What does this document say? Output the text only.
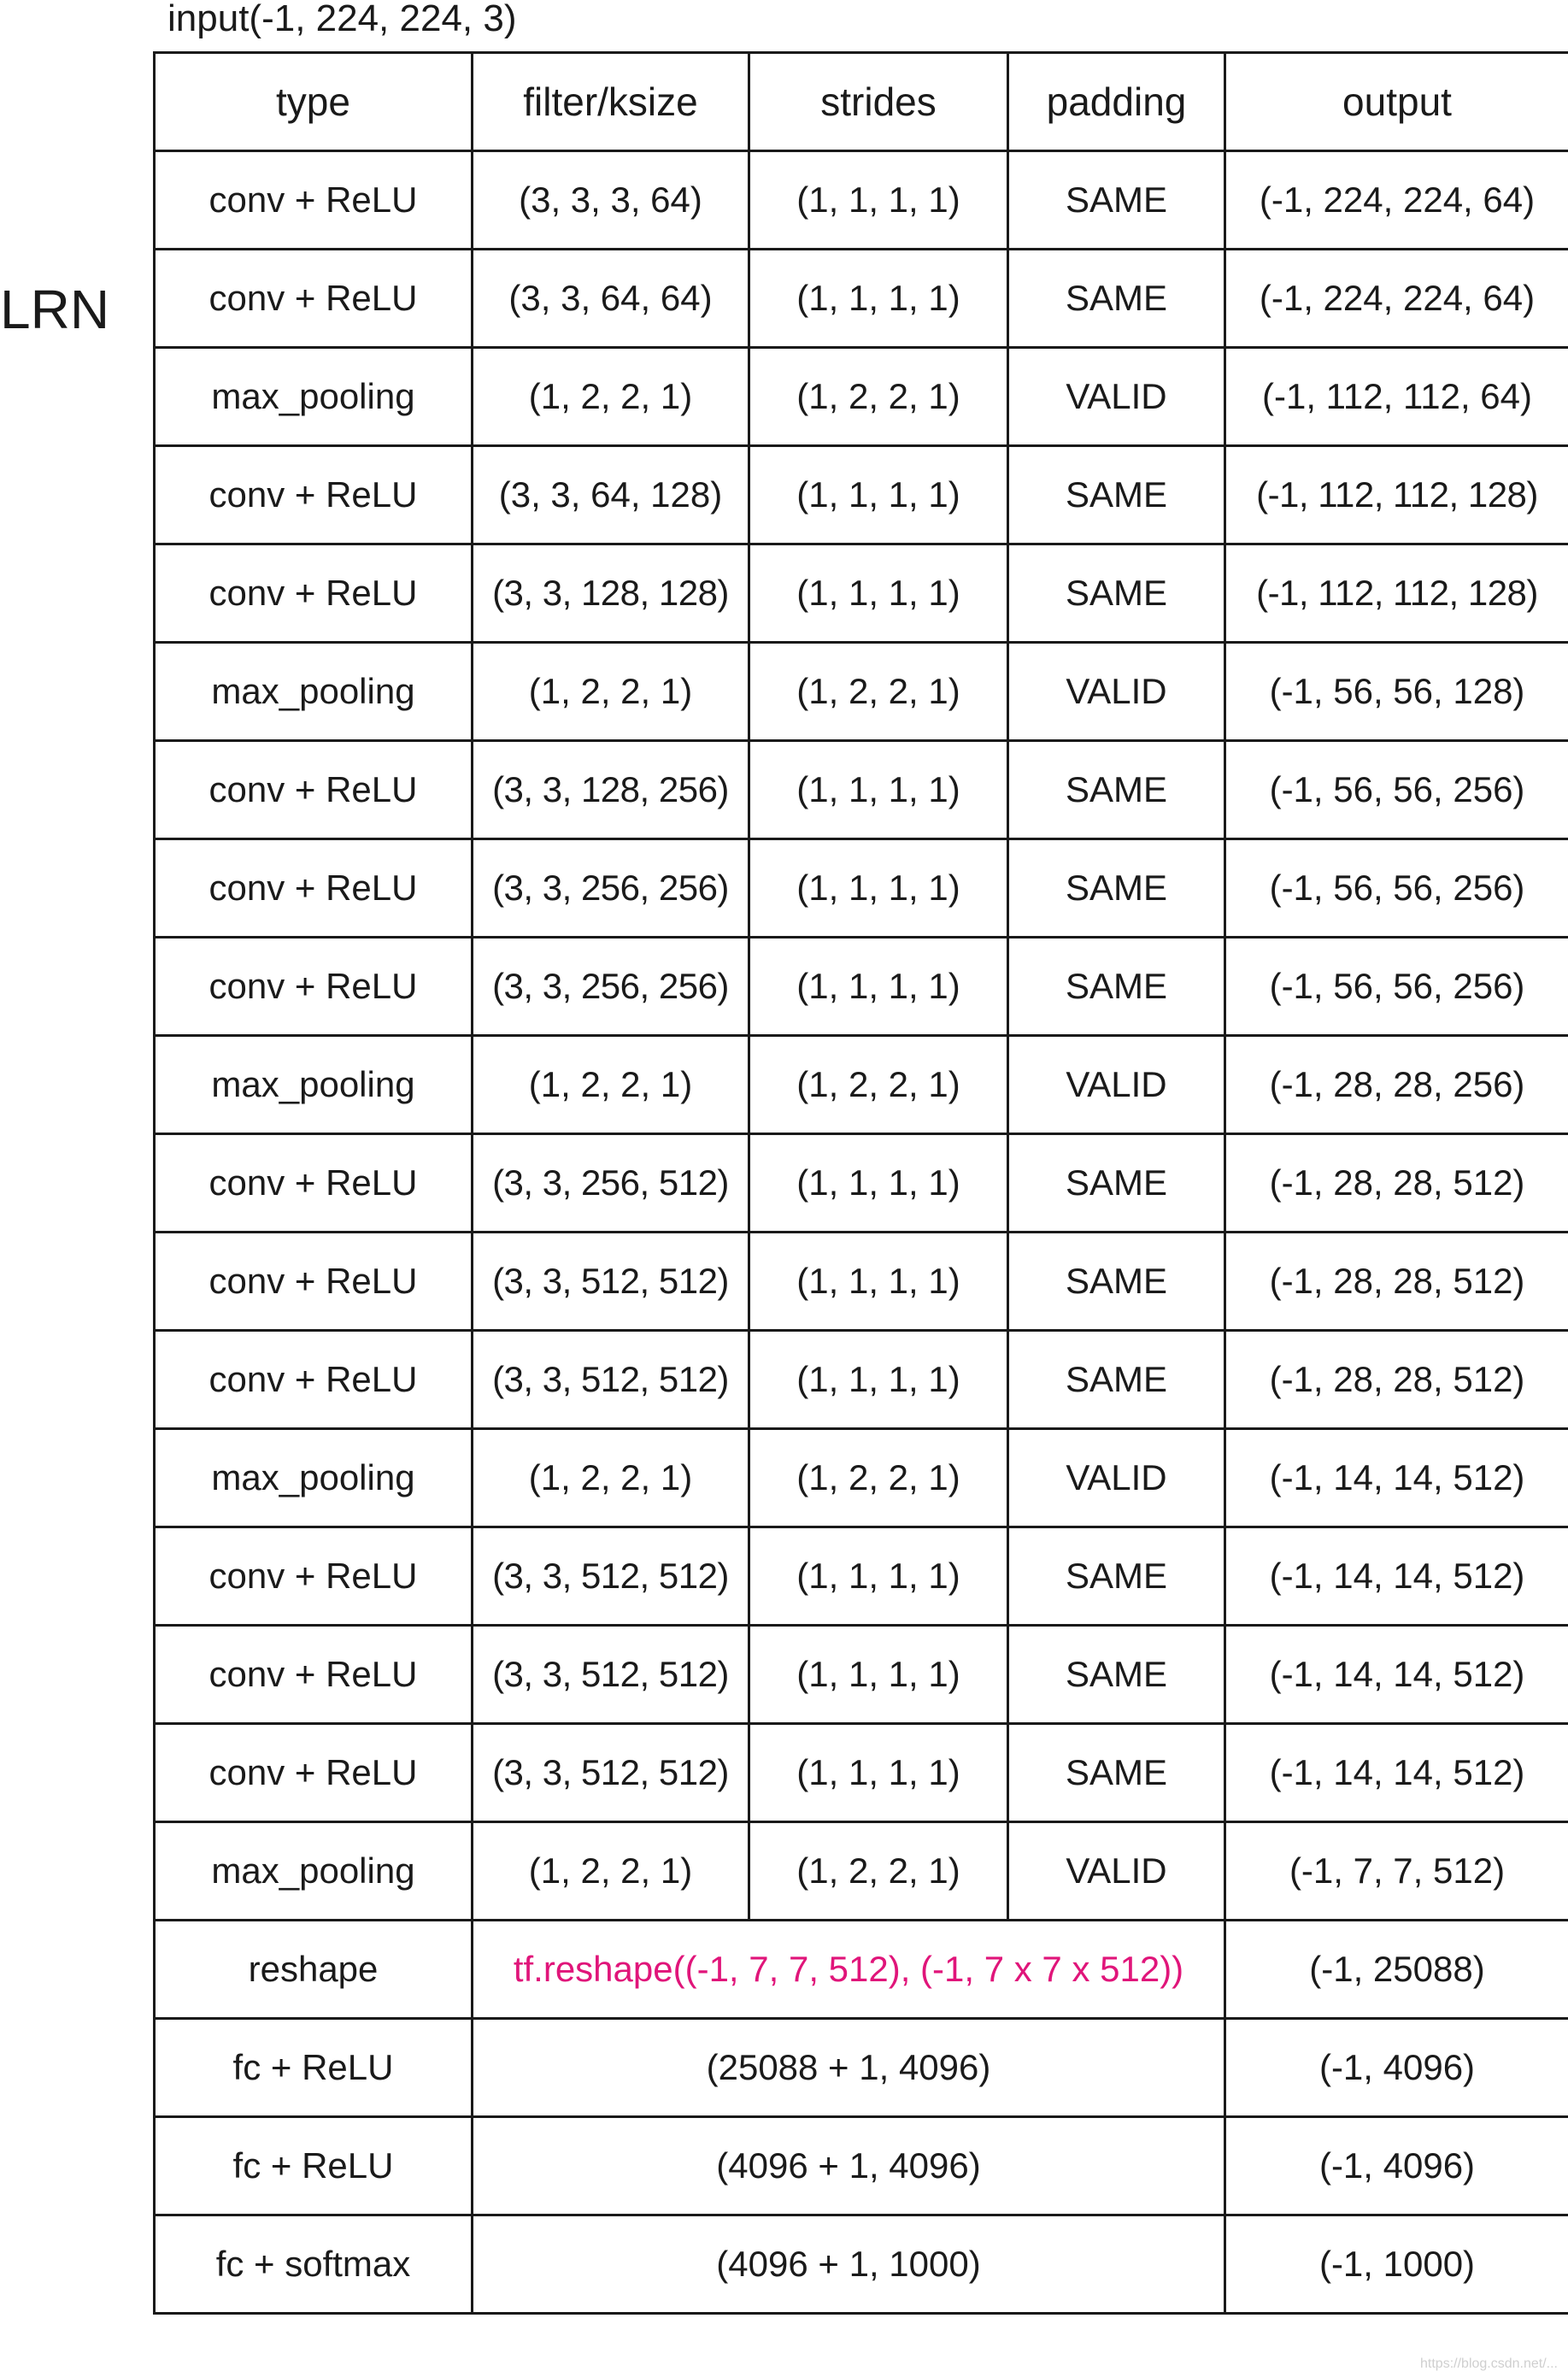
input(-1, 224, 224, 3)
LRN
type	filter/ksize	strides	padding	output
conv + ReLU	(3, 3, 3, 64)	(1, 1, 1, 1)	SAME	(-1, 224, 224, 64)
conv + ReLU	(3, 3, 64, 64)	(1, 1, 1, 1)	SAME	(-1, 224, 224, 64)
max_pooling	(1, 2, 2, 1)	(1, 2, 2, 1)	VALID	(-1, 112, 112, 64)
conv + ReLU	(3, 3, 64, 128)	(1, 1, 1, 1)	SAME	(-1, 112, 112, 128)
conv + ReLU	(3, 3, 128, 128)	(1, 1, 1, 1)	SAME	(-1, 112, 112, 128)
max_pooling	(1, 2, 2, 1)	(1, 2, 2, 1)	VALID	(-1, 56, 56, 128)
conv + ReLU	(3, 3, 128, 256)	(1, 1, 1, 1)	SAME	(-1, 56, 56, 256)
conv + ReLU	(3, 3, 256, 256)	(1, 1, 1, 1)	SAME	(-1, 56, 56, 256)
conv + ReLU	(3, 3, 256, 256)	(1, 1, 1, 1)	SAME	(-1, 56, 56, 256)
max_pooling	(1, 2, 2, 1)	(1, 2, 2, 1)	VALID	(-1, 28, 28, 256)
conv + ReLU	(3, 3, 256, 512)	(1, 1, 1, 1)	SAME	(-1, 28, 28, 512)
conv + ReLU	(3, 3, 512, 512)	(1, 1, 1, 1)	SAME	(-1, 28, 28, 512)
conv + ReLU	(3, 3, 512, 512)	(1, 1, 1, 1)	SAME	(-1, 28, 28, 512)
max_pooling	(1, 2, 2, 1)	(1, 2, 2, 1)	VALID	(-1, 14, 14, 512)
conv + ReLU	(3, 3, 512, 512)	(1, 1, 1, 1)	SAME	(-1, 14, 14, 512)
conv + ReLU	(3, 3, 512, 512)	(1, 1, 1, 1)	SAME	(-1, 14, 14, 512)
conv + ReLU	(3, 3, 512, 512)	(1, 1, 1, 1)	SAME	(-1, 14, 14, 512)
max_pooling	(1, 2, 2, 1)	(1, 2, 2, 1)	VALID	(-1, 7, 7, 512)
reshape	tf.reshape((-1, 7, 7, 512), (-1, 7 x 7 x 512))			(-1, 25088)
fc + ReLU	(25088 + 1, 4096)			(-1, 4096)
fc + ReLU	(4096 + 1, 4096)			(-1, 4096)
fc + softmax	(4096 + 1, 1000)			(-1, 1000)
https://blog.csdn.net/...
